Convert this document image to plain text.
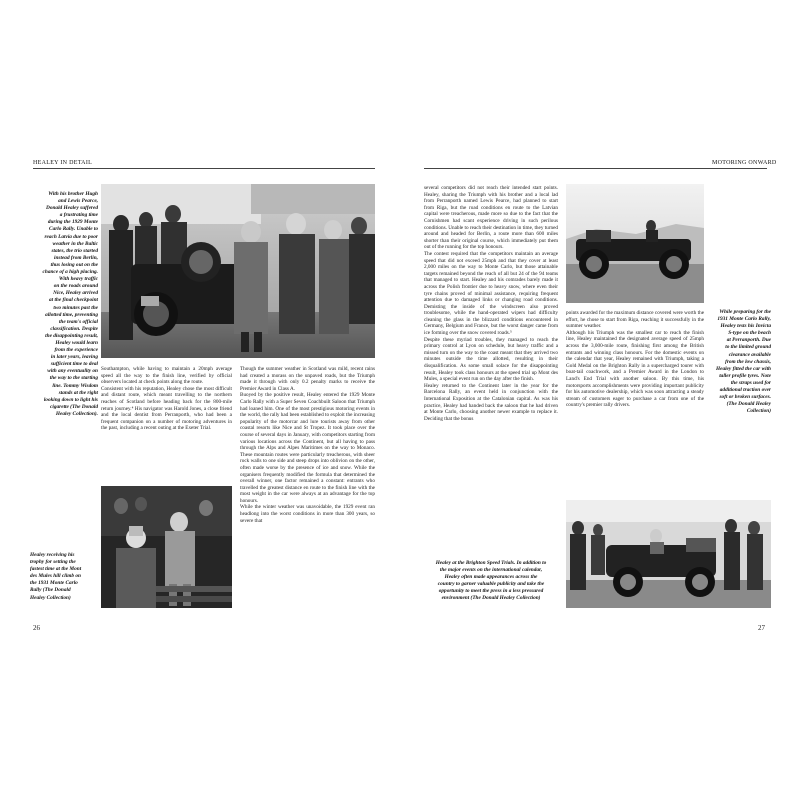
HEALEY IN DETAIL
With his brother Hugh
and Lewis Pearce,
Donald Healey suffered
a frustrating time
during the 1929 Monte
Carlo Rally. Unable to
reach Latvia due to poor
weather in the Baltic
states, the trio started
instead from Berlin,
thus losing out on the
chance of a high placing.
With heavy traffic
on the roads around
Nice, Healey arrived
at the final checkpoint
two minutes past the
allotted time, preventing
the team's official
classification. Despite
the disappointing result,
Healey would learn
from the experience
in later years, leaving
sufficient time to deal
with any eventuality on
the way to the starting
line. Tommy Wisdom
stands at the right
looking down to light his
cigarette (The Donald
Healey Collection).
Southampton, while having to maintain a 20mph average speed all the way to the finish line, verified by official observers located at check points along the route.
Consistent with his reputation, Healey chose the most difficult and distant route, which meant travelling to the northern reaches of Scotland before heading back for the 800-mile return journey.⁴ His navigator was Harold Jones, a close friend and the local dentist from Perranporth, who had been a frequent companion on a number of motoring adventures in the past, including a recent outing at the Exeter Trial.
Though the summer weather in Scotland was mild, recent rains had created a morass on the unpaved roads, but the Triumph made it through with only 0.2 penalty marks to receive the Premier Award in Class A.
Buoyed by the positive result, Healey entered the 1929 Monte Carlo Rally with a Super Seven Coachbuilt Saloon that Triumph had loaned him. One of the most prestigious motoring events in the world, the rally had been established to exploit the increasing popularity of the motorcar and lure tourists away from other coastal resorts like Nice and St Tropez. It took place over the course of several days in January, with competitors starting from various locations across the Continent, but all having to pass through the Alps and Alpes Maritimes on the way to Monaco. These mountain routes were particularly treacherous, with sheer rock walls to one side and steep drops into oblivion on the other, often made worse by the presence of ice and snow. While the organisers frequently modified the formula that determined the overall winner, one factor remained a constant: entrants who travelled the greatest distance en route to the finish line with the most weight in the car were always at an advantage for the top honours.
While the winter weather was unavoidable, the 1929 event ran headlong into the worst conditions in more than 300 years, so severe that
Healey receiving his
trophy for setting the
fastest time at the Mont
des Mules hill climb on
the 1931 Monte Carlo
Rally (The Donald
Healey Collection)
26
MOTORING ONWARD
several competitors did not reach their intended start points. Healey, sharing the Triumph with his brother and a local lad from Perranporth named Lewis Pearce, had planned to start from Riga, but the road conditions en route to the Latvian capital were treacherous, made more so due to the fact that the Cornishmen had scant experience driving in such perilous conditions. Unable to reach their destination in time, they turned around and headed for Berlin, a route more than 600 miles shorter than their original course, which immediately put them out of the running for the top honours.
The contest required that the competitors maintain an average speed that did not exceed 25mph and that they cover at least 2,000 miles on the way to Monte Carlo, but those attainable targets remained beyond the reach of all but 24 of the 94 teams that managed to start. Healey and his comrades barely made it across the Polish frontier due to heavy snow, where even their tyre chains proved of minimal assistance, requiring frequent attention due to damaged links or changing road conditions. Demisting the inside of the windscreen also proved troublesome, while the hand-operated wipers had difficulty cleaning the glass in the blizzard conditions encountered in Germany, Belgium and France, but the worst danger came from ice forming over the snow covered roads.⁵
Despite these myriad troubles, they managed to reach the primary control at Lyon on schedule, but heavy traffic and a missed turn on the way to the coast meant that they arrived two minutes outside the time allotted, resulting in their disqualification. As some small solace for the disappointing result, Healey took class honours at the speed trial up Mont des Mules, a special event run on the day after the finish.
Healey returned to the Continent later in the year for the Barcelona Rally, an event held in conjunction with the International Exposition at the Catalonian capital. As was his practice, Healey had handed back the saloon that he had driven at Monte Carlo, choosing another newer example to replace it. Deciding that the bonus
While preparing for the
1931 Monte Carlo Rally,
Healey tests his Invicta
S-type on the beach
at Perranporth. Due
to the limited ground
clearance available
from the low chassis,
Healey fitted the car with
taller profile tyres. Note
the straps used for
additional traction over
soft or broken surfaces.
(The Donald Healey
Collection)
points awarded for the maximum distance covered were worth the effort, he chose to start from Riga, reaching it successfully in the summer weather.
Although his Triumph was the smallest car to reach the finish line, Healey maintained the designated average speed of 25mph across the 3,000-mile route, finishing first among the British entrants and winning class honours. For the domestic events on the calendar that year, Healey remained with Triumph, taking a Gold Medal on the Brighton Rally in a supercharged tourer with boat-tail coachwork, and a Premier Award in the London to Land's End Trial with another saloon. By this time, his motorsports accomplishments were providing important publicity for his automotive dealership, which was soon attracting a steady stream of customers eager to purchase a car from one of the country's premier rally drivers.
Healey at the Brighton Speed Trials. In addition to
the major events on the international calendar,
Healey often made appearances across the
country to garner valuable publicity and take the
opportunity to meet the press in a less pressured
environment (The Donald Healey Collection)
27
